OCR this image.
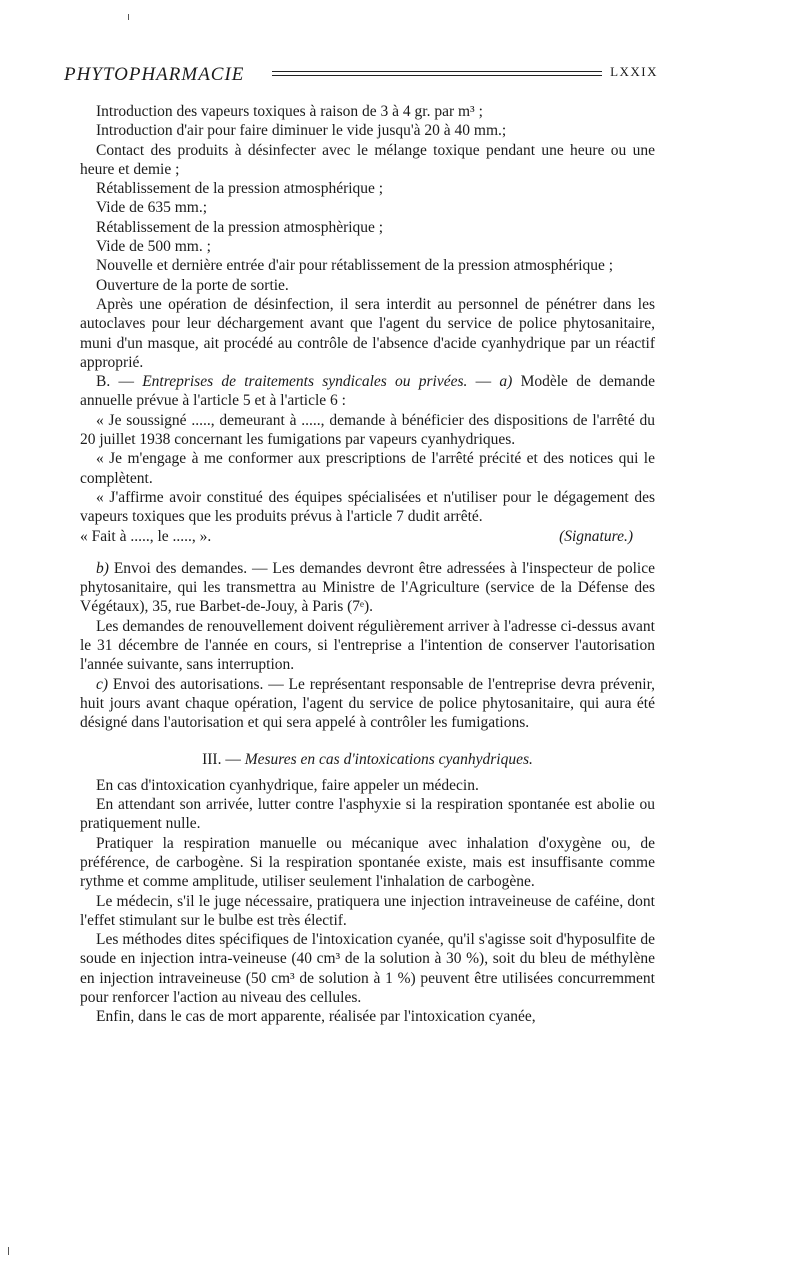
PHYTOPHARMACIE	LXXIX

Introduction des vapeurs toxiques à raison de 3 à 4 gr. par m³ ;

Introduction d'air pour faire diminuer le vide jusqu'à 20 à 40 mm.;

Contact des produits à désinfecter avec le mélange toxique pendant une heure ou une heure et demie ;

Rétablissement de la pression atmosphérique ;

Vide de 635 mm.;

Rétablissement de la pression atmosphèrique ;

Vide de 500 mm. ;

Nouvelle et dernière entrée d'air pour rétablissement de la pression atmosphérique ;

Ouverture de la porte de sortie.

Après une opération de désinfection, il sera interdit au personnel de pénétrer dans les autoclaves pour leur déchargement avant que l'agent du service de police phytosanitaire, muni d'un masque, ait procédé au contrôle de l'absence d'acide cyanhydrique par un réactif approprié.

B. — Entreprises de traitements syndicales ou privées. — a) Modèle de demande annuelle prévue à l'article 5 et à l'article 6 :

« Je soussigné ....., demeurant à ....., demande à bénéficier des dispositions de l'arrêté du 20 juillet 1938 concernant les fumigations par vapeurs cyanhydriques.

« Je m'engage à me conformer aux prescriptions de l'arrêté précité et des notices qui le complètent.

« J'affirme avoir constitué des équipes spécialisées et n'utiliser pour le dégagement des vapeurs toxiques que les produits prévus à l'article 7 dudit arrêté.

« Fait à ....., le ....., ».	(Signature.)

b) Envoi des demandes. — Les demandes devront être adressées à l'inspecteur de police phytosanitaire, qui les transmettra au Ministre de l'Agriculture (service de la Défense des Végétaux), 35, rue Barbet-de-Jouy, à Paris (7ᵉ).

Les demandes de renouvellement doivent régulièrement arriver à l'adresse ci-dessus avant le 31 décembre de l'année en cours, si l'entreprise a l'intention de conserver l'autorisation l'année suivante, sans interruption.

c) Envoi des autorisations. — Le représentant responsable de l'entreprise devra prévenir, huit jours avant chaque opération, l'agent du service de police phytosanitaire, qui aura été désigné dans l'autorisation et qui sera appelé à contrôler les fumigations.

III. — Mesures en cas d'intoxications cyanhydriques.

En cas d'intoxication cyanhydrique, faire appeler un médecin.

En attendant son arrivée, lutter contre l'asphyxie si la respiration spontanée est abolie ou pratiquement nulle.

Pratiquer la respiration manuelle ou mécanique avec inhalation d'oxygène ou, de préférence, de carbogène. Si la respiration spontanée existe, mais est insuffisante comme rythme et comme amplitude, utiliser seulement l'inhalation de carbogène.

Le médecin, s'il le juge nécessaire, pratiquera une injection intraveineuse de caféine, dont l'effet stimulant sur le bulbe est très électif.

Les méthodes dites spécifiques de l'intoxication cyanée, qu'il s'agisse soit d'hyposulfite de soude en injection intra-veineuse (40 cm³ de la solution à 30 %), soit du bleu de méthylène en injection intraveineuse (50 cm³ de solution à 1 %) peuvent être utilisées concurremment pour renforcer l'action au niveau des cellules.

Enfin, dans le cas de mort apparente, réalisée par l'intoxication cyanée,
